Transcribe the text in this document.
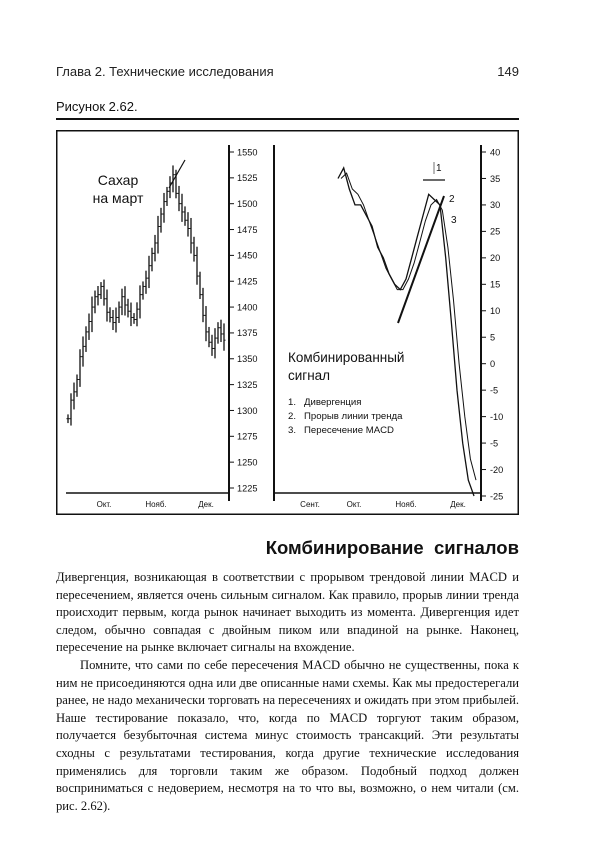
Глава 2. Технические исследования	149
Рисунок 2.62.
1550
1525
1500
1475
1450
1425
1400
1375
1350
1325
1300
1275
1250
1225
Сахар
на март
Окт.	Нояб.	Дек.
40
35
30
25
20
15
10
5
0
-5
-10
-5
-20
-25
1
2
3
Комбинированный
сигнал
1.   Дивергенция
2.   Прорыв линии тренда
3.   Пересечение MACD
Сент.	Окт.	Нояб.	Дек.
Комбинирование  сигналов

Дивергенция, возникающая в соответствии с прорывом трендовой линии MACD и пересечением, является очень сильным сигналом. Как правило, прорыв линии тренда происходит первым, когда рынок начинает выходить из момента. Дивергенция идет следом, обычно совпадая с двойным пиком или впадиной на рынке. Наконец, пересечение на рынке включает сигналы на вхождение.

Помните, что сами по себе пересечения MACD обычно не существенны, пока к ним не присоединяются одна или две описанные нами схемы. Как мы предостерегали ранее, не надо механически торговать на пересечениях и ожидать при этом прибылей. Наше тестирование показало, что, когда по MACD торгуют таким образом, получается безубыточная система минус стоимость трансакций. Эти результаты сходны с результатами тестирования, когда другие технические исследования применялись для торговли таким же образом. Подобный подход должен восприниматься с недоверием, несмотря на то что вы, возможно, о нем читали (см. рис. 2.62).
